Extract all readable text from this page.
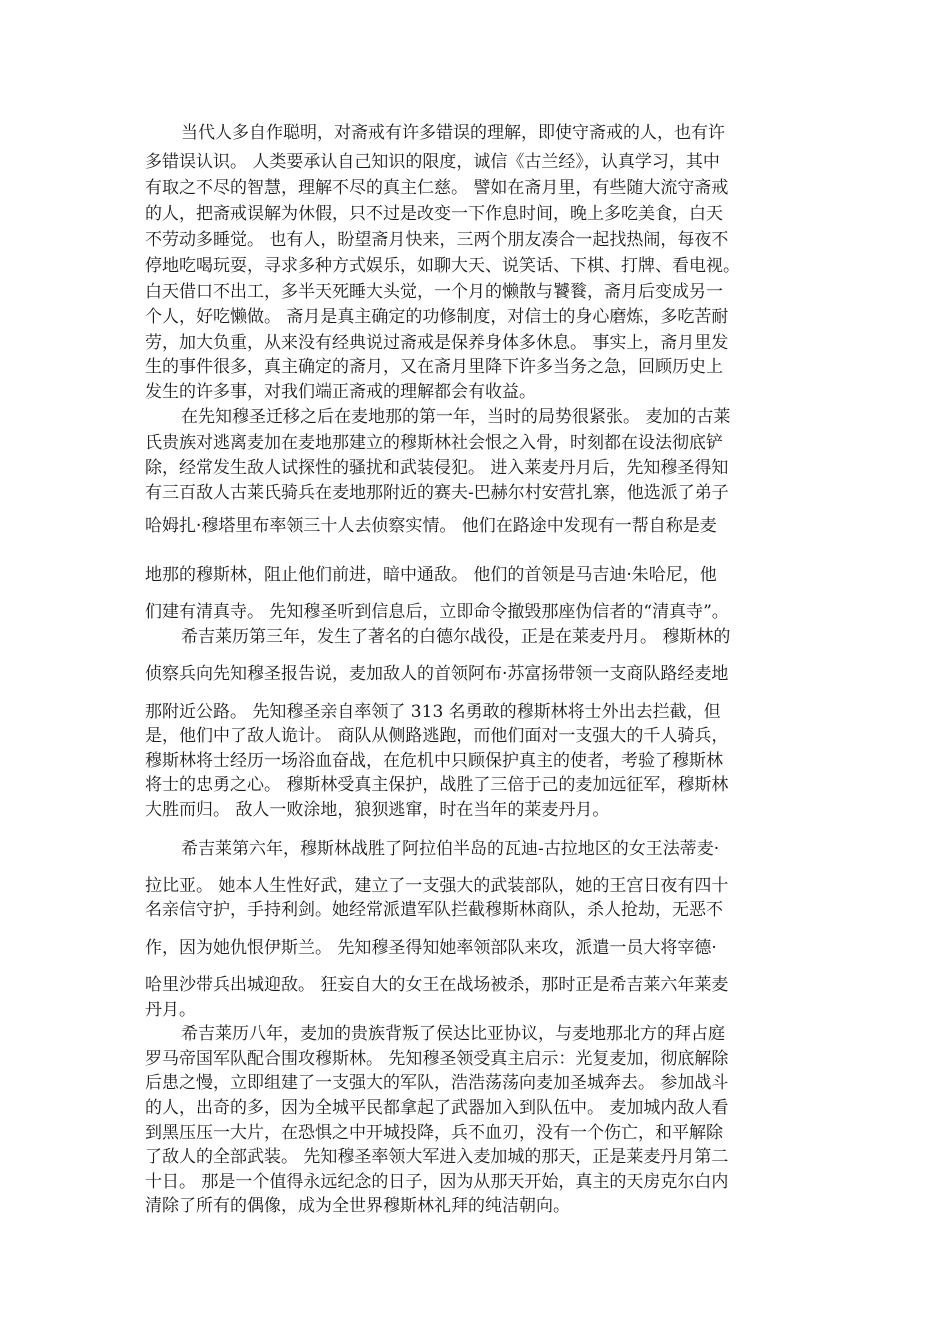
当代人多自作聪明，对斋戒有许多错误的理解，即使守斋戒的人，也有许
多错误认识。 人类要承认自己知识的限度，诚信《古兰经》，认真学习，其中
有取之不尽的智慧，理解不尽的真主仁慈。 譬如在斋月里，有些随大流守斋戒
的人，把斋戒误解为休假，只不过是改变一下作息时间，晚上多吃美食，白天
不劳动多睡觉。 也有人，盼望斋月快来，三两个朋友凑合一起找热闹，每夜不
停地吃喝玩耍，寻求多种方式娱乐，如聊大天、说笑话、下棋、打牌、看电视。
白天借口不出工，多半天死睡大头觉，一个月的懒散与饕餮，斋月后变成另一
个人，好吃懒做。 斋月是真主确定的功修制度，对信士的身心磨炼，多吃苦耐
劳，加大负重，从来没有经典说过斋戒是保养身体多休息。 事实上，斋月里发
生的事件很多，真主确定的斋月，又在斋月里降下许多当务之急，回顾历史上
发生的许多事，对我们端正斋戒的理解都会有收益。
在先知穆圣迁移之后在麦地那的第一年，当时的局势很紧张。 麦加的古莱
氏贵族对逃离麦加在麦地那建立的穆斯林社会恨之入骨，时刻都在设法彻底铲
除，经常发生敌人试探性的骚扰和武装侵犯。 进入莱麦丹月后，先知穆圣得知
有三百敌人古莱氏骑兵在麦地那附近的赛夫-巴赫尔村安营扎寨，他选派了弟子
哈姆扎·穆塔里布率领三十人去侦察实情。 他们在路途中发现有一帮自称是麦
地那的穆斯林，阻止他们前进，暗中通敌。 他们的首领是马吉迪·朱哈尼，他
们建有清真寺。 先知穆圣听到信息后，立即命令撤毁那座伪信者的“清真寺”。
希吉莱历第三年，发生了著名的白德尔战役，正是在莱麦丹月。 穆斯林的
侦察兵向先知穆圣报告说，麦加敌人的首领阿布·苏富扬带领一支商队路经麦地
那附近公路。 先知穆圣亲自率领了 313 名勇敢的穆斯林将士外出去拦截，但
是，他们中了敌人诡计。 商队从侧路逃跑，而他们面对一支强大的千人骑兵，
穆斯林将士经历一场浴血奋战，在危机中只顾保护真主的使者，考验了穆斯林
将士的忠勇之心。 穆斯林受真主保护，战胜了三倍于己的麦加远征军，穆斯林
大胜而归。 敌人一败涂地，狼狈逃窜，时在当年的莱麦丹月。
希吉莱第六年，穆斯林战胜了阿拉伯半岛的瓦迪-古拉地区的女王法蒂麦·
拉比亚。 她本人生性好武，建立了一支强大的武装部队，她的王宫日夜有四十
名亲信守护，手持利剑。她经常派遣军队拦截穆斯林商队，杀人抢劫，无恶不
作，因为她仇恨伊斯兰。 先知穆圣得知她率领部队来攻，派遣一员大将宰德·
哈里沙带兵出城迎敌。 狂妄自大的女王在战场被杀，那时正是希吉莱六年莱麦
丹月。
希吉莱历八年，麦加的贵族背叛了侯达比亚协议，与麦地那北方的拜占庭
罗马帝国军队配合围攻穆斯林。 先知穆圣领受真主启示：光复麦加，彻底解除
后患之慢，立即组建了一支强大的军队，浩浩荡荡向麦加圣城奔去。 参加战斗
的人，出奇的多，因为全城平民都拿起了武器加入到队伍中。 麦加城内敌人看
到黑压压一大片，在恐惧之中开城投降，兵不血刃，没有一个伤亡，和平解除
了敌人的全部武装。 先知穆圣率领大军进入麦加城的那天，正是莱麦丹月第二
十日。 那是一个值得永远纪念的日子，因为从那天开始，真主的天房克尔白内
清除了所有的偶像，成为全世界穆斯林礼拜的纯洁朝向。
